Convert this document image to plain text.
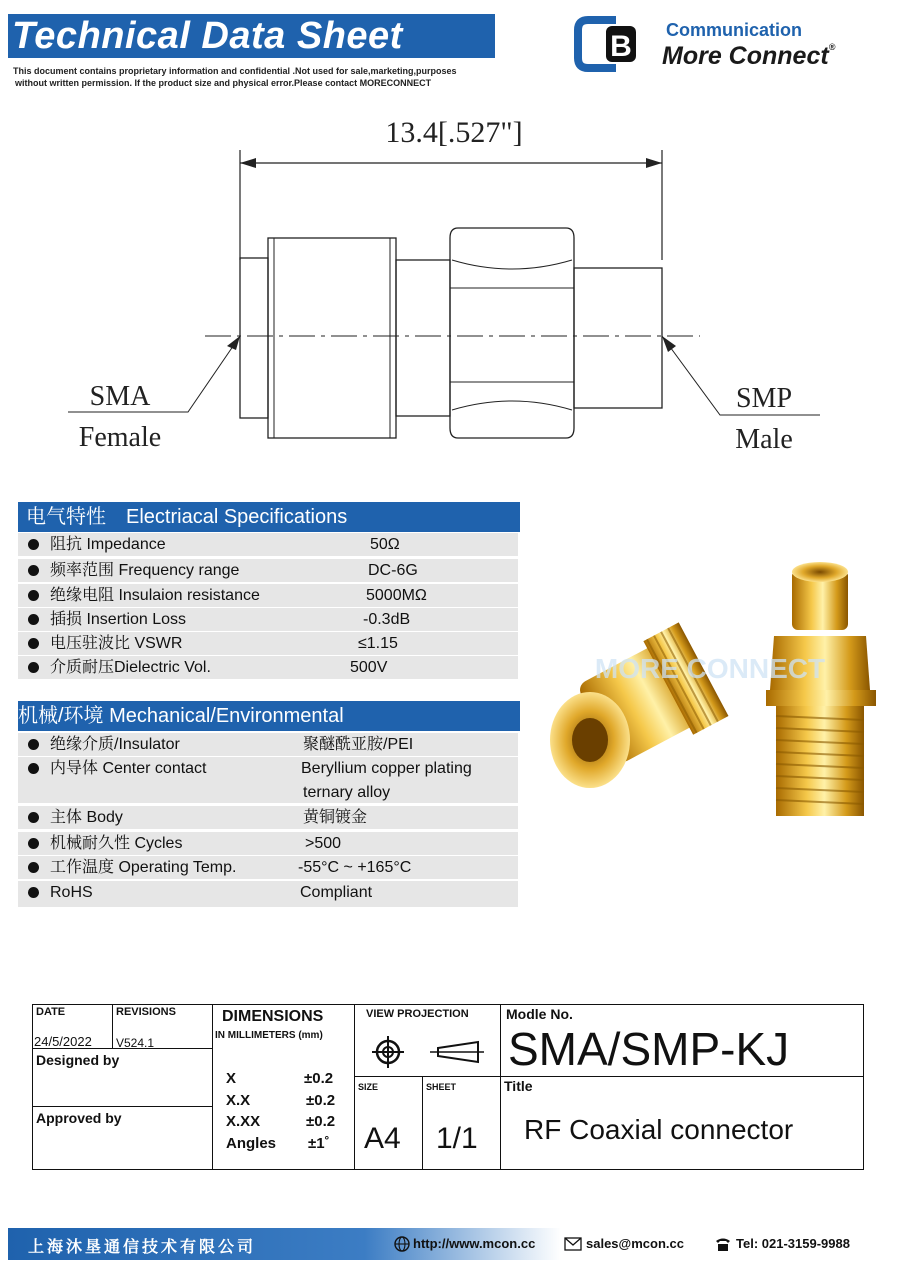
Technical Data Sheet
This document contains proprietary information and confidential .Not used for sale,marketing,purposes
without written permission. If the product size and physical error.Please contact MORECONNECT
B Communication
More Connect®
13.4[.527"]
SMA
Female
SMP
Male
电气特性 Electriacal Specifications
阻抗 Impedance	50Ω
频率范围 Frequency range	DC-6G
绝缘电阻 Insulaion resistance	5000MΩ
插损 Insertion Loss	-0.3dB
电压驻波比 VSWR	≤1.15
介质耐压Dielectric Vol.	500V
机械/环境 Mechanical/Environmental
绝缘介质/Insulator	聚醚酰亚胺/PEI
内导体 Center contact	Beryllium copper plating
ternary alloy
主体 Body	黄铜镀金
机械耐久性 Cycles	>500
工作温度 Operating Temp.	-55°C ~ +165°C
RoHS	Compliant
MORE CONNECT
DATE
24/5/2022
REVISIONS
V524.1
Designed by
Approved by
DIMENSIONS
IN MILLIMETERS (mm)
X	±0.2
X.X	±0.2
X.XX	±0.2
Angles ±1˚
VIEW PROJECTION
SIZE
A4
SHEET
1/1
Modle No.
SMA/SMP-KJ
Title
RF Coaxial connector
上海沐垦通信技术有限公司	http://www.mcon.cc	sales@mcon.cc	Tel: 021-3159-9988
